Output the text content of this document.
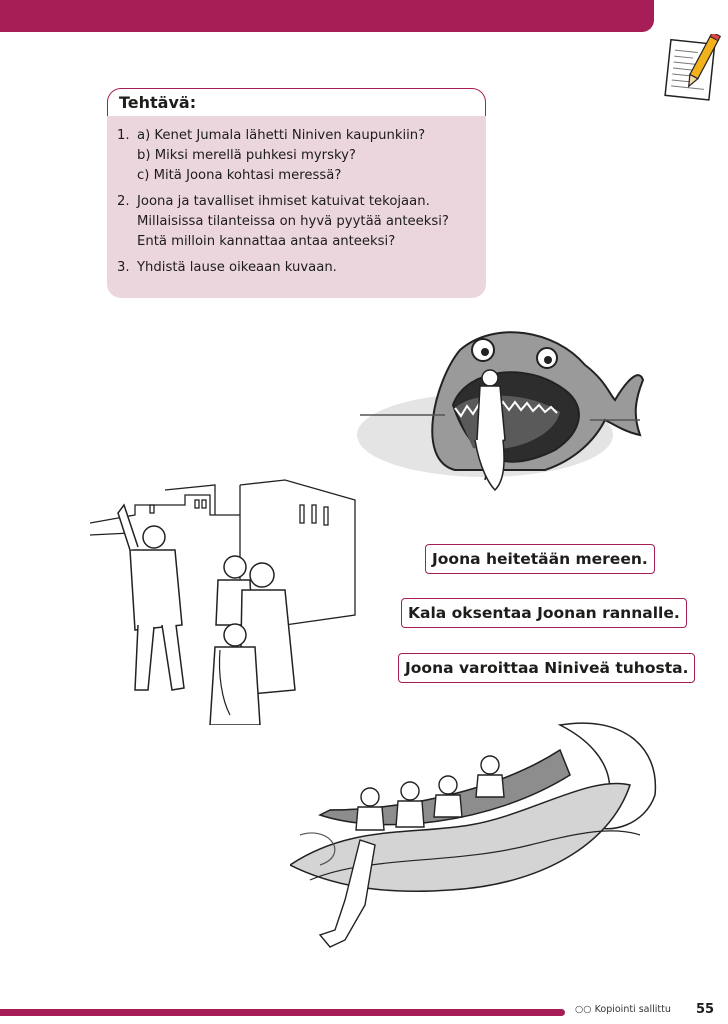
Tehtävä:
1. a) Kenet Jumala lähetti Niniven kaupunkiin?
b) Miksi merellä puhkesi myrsky?
c) Mitä Joona kohtasi meressä?
2. Joona ja tavalliset ihmiset katuivat tekojaan.
Millaisissa tilanteissa on hyvä pyytää anteeksi?
Entä milloin kannattaa antaa anteeksi?
3. Yhdistä lause oikeaan kuvaan.
Joona heitetään mereen.
Kala oksentaa Joonan rannalle.
Joona varoittaa Niniveä tuhosta.
○○ Kopiointi sallittu 55
